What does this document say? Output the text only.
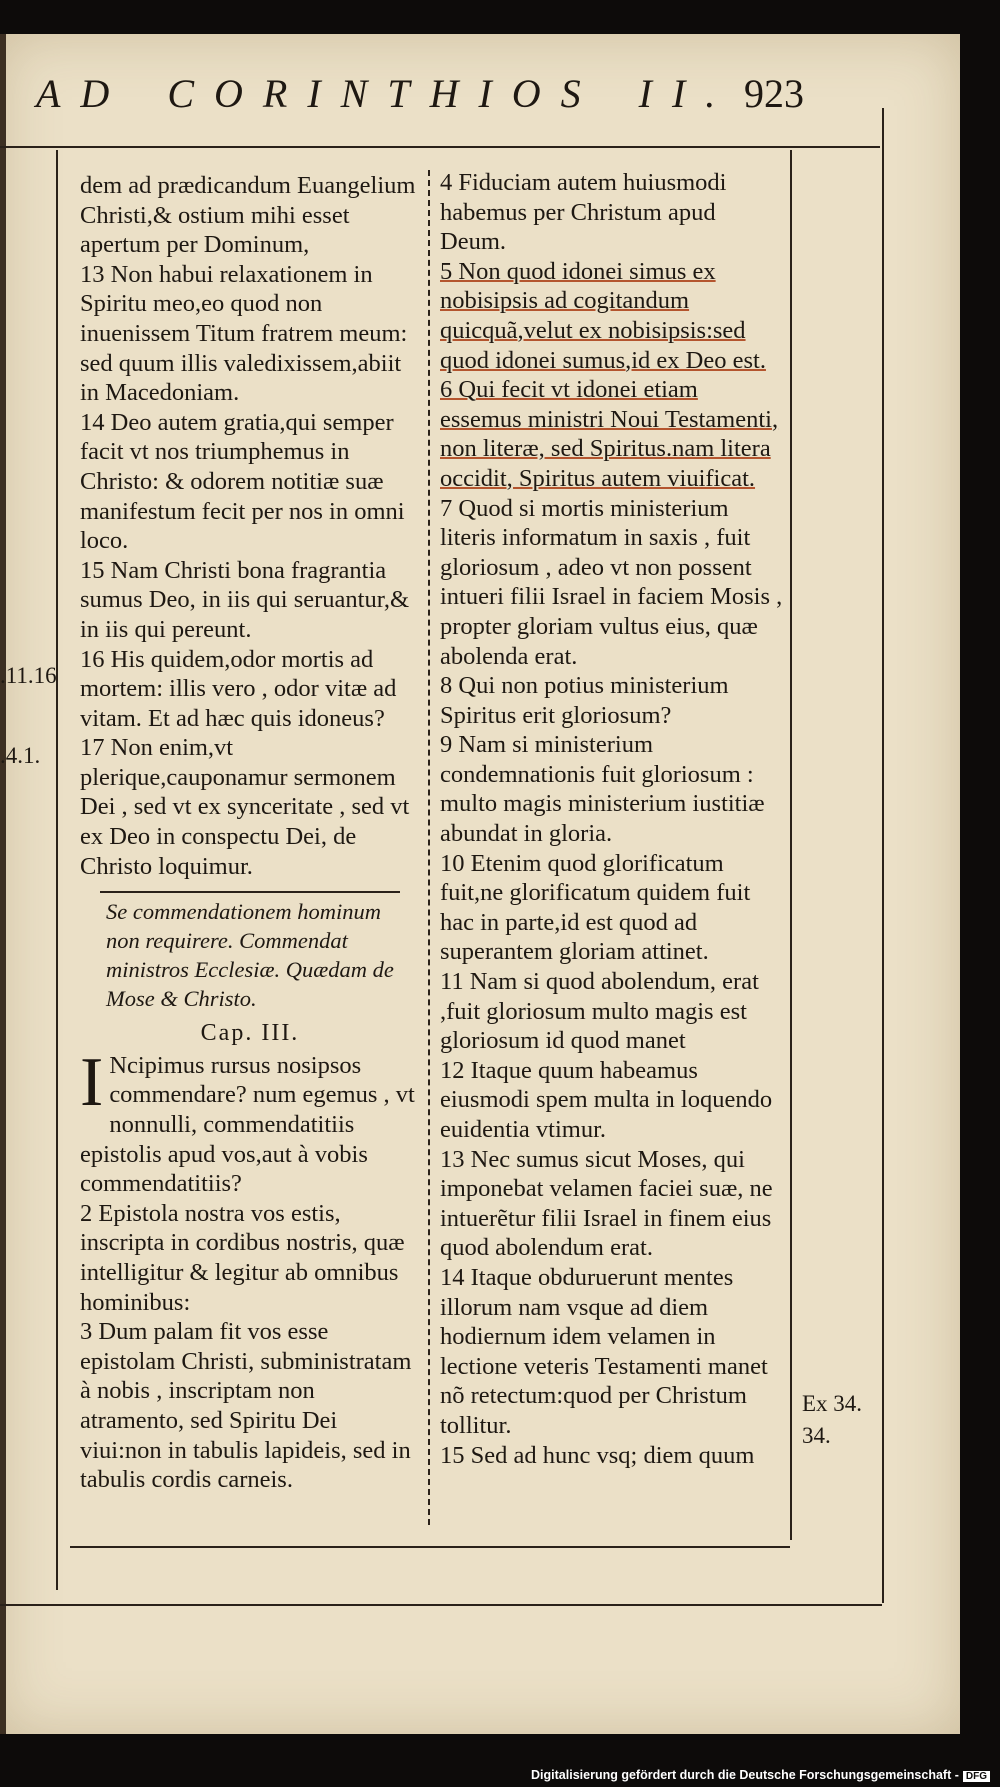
AD CORINTHIOS II. 923

dem ad prædicandum Euangelium Christi,& ostium mihi esset apertum per Dominum,

13 Non habui relaxationem in Spiritu meo,eo quod non inuenissem Titum fratrem meum: sed quum illis valedixissem,abiit in Macedoniam.

14 Deo autem gratia,qui semper facit vt nos triumphemus in Christo: & odorem notitiæ suæ manifestum fecit per nos in omni loco.

15 Nam Christi bona fragrantia sumus Deo, in iis qui seruantur,& in iis qui pereunt.

16 His quidem,odor mortis ad mortem: illis vero , odor vitæ ad vitam. Et ad hæc quis idoneus?

17 Non enim,vt plerique,cauponamur sermonem Dei , sed vt ex synceritate , sed vt ex Deo in conspectu Dei, de Christo loquimur.

Se commendationem hominum non requirere. Commendat ministros Ecclesiæ. Quædam de Mose & Christo.

Cap. III.

I Ncipimus rursus nosipsos commendare? num egemus , vt nonnulli, commendatitiis epistolis apud vos,aut à vobis commendatitiis?

2 Epistola nostra vos estis, inscripta in cordibus nostris, quæ intelligitur & legitur ab omnibus hominibus:

3 Dum palam fit vos esse epistolam Christi, subministratam à nobis , inscriptam non atramento, sed Spiritu Dei viui:non in tabulis lapideis, sed in tabulis cordis carneis.

4 Fiduciam autem huiusmodi habemus per Christum apud Deum.

5 Non quod idonei simus ex nobisipsis ad cogitandum quicquã,velut ex nobisipsis:sed quod idonei sumus,id ex Deo est.

6 Qui fecit vt idonei etiam essemus ministri Noui Testamenti, non literæ, sed Spiritus.nam litera occidit, Spiritus autem viuificat.

7 Quod si mortis ministerium literis informatum in saxis , fuit gloriosum , adeo vt non possent intueri filii Israel in faciem Mosis , propter gloriam vultus eius, quæ abolenda erat.

8 Qui non potius ministerium Spiritus erit gloriosum?

9 Nam si ministerium condemnationis fuit gloriosum : multo magis ministerium iustitiæ abundat in gloria.

10 Etenim quod glorificatum fuit,ne glorificatum quidem fuit hac in parte,id est quod ad superantem gloriam attinet.

11 Nam si quod abolendum, erat ,fuit gloriosum multo magis est gloriosum id quod manet

12 Itaque quum habeamus eiusmodi spem multa in loquendo euidentia vtimur.

13 Nec sumus sicut Moses, qui imponebat velamen faciei suæ, ne intuerẽtur filii Israel in finem eius quod abolendum erat.

14 Itaque obduruerunt mentes illorum nam vsque ad diem hodiernum idem velamen in lectione veteris Testamenti manet nõ retectum:quod per Christum tollitur.

15 Sed ad hunc vsq; diem quum

.11.16
.4.1.
Ex 34.
34.
Digitalisierung gefördert durch die Deutsche Forschungsgemeinschaft - DFG
